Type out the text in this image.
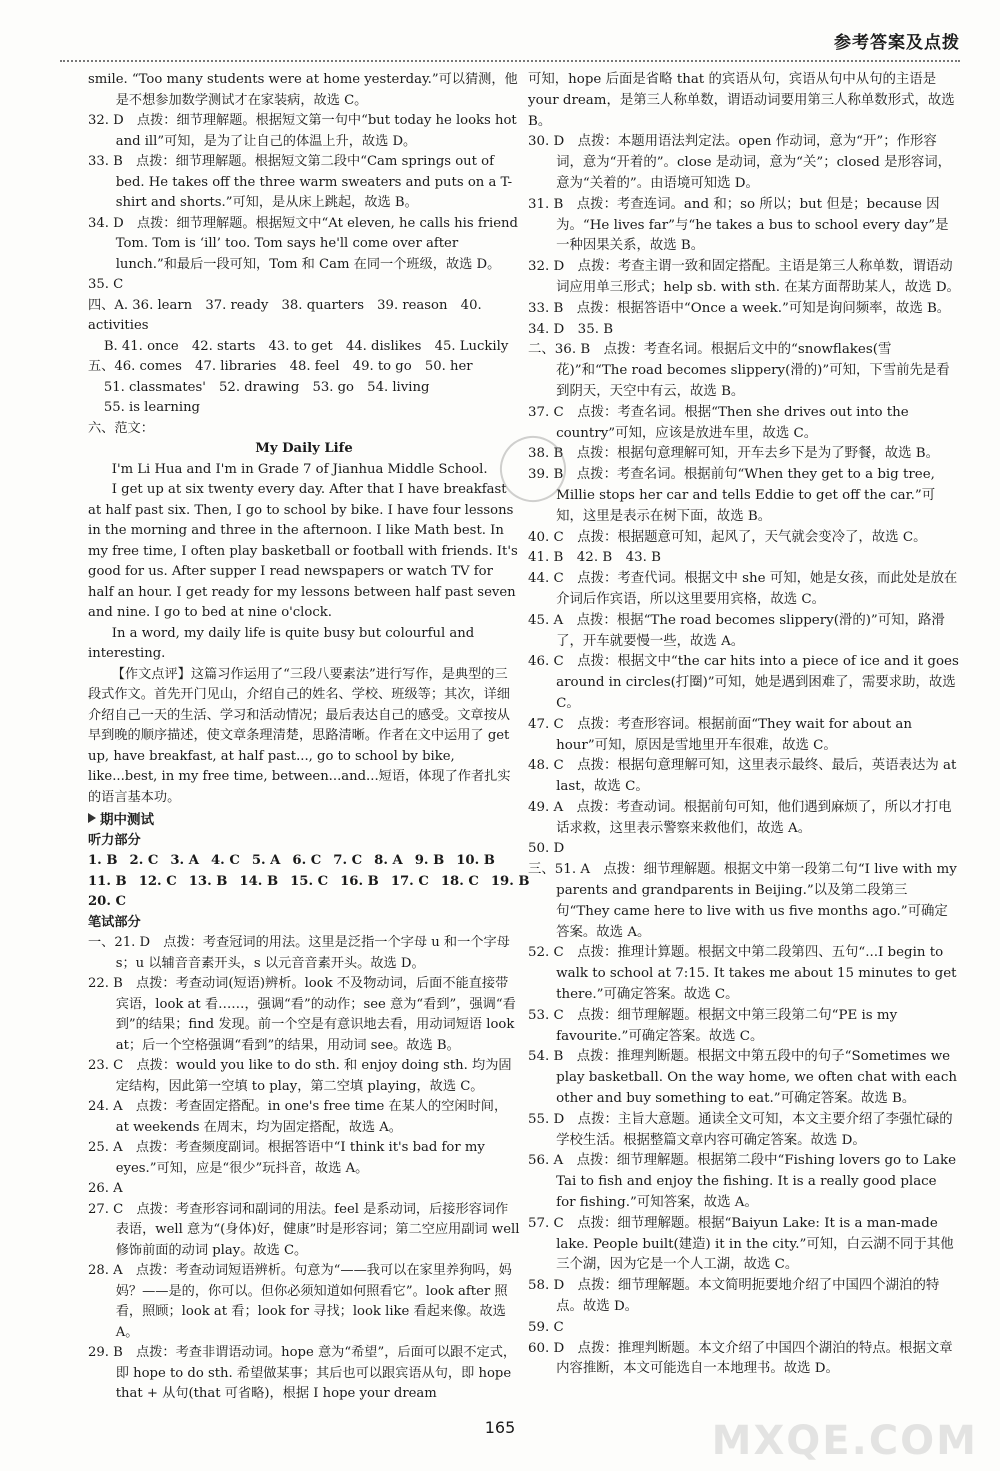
参考答案及点拨

smile. “Too many students were at home yesterday.”可以猜测，他是不想参加数学测试才在家装病，故选 C。

32. D　点拨：细节理解题。根据短文第一句中“but today he looks hot and ill”可知，是为了让自己的体温上升，故选 D。

33. B　点拨：细节理解题。根据短文第二段中“Cam springs out of bed. He takes off the three warm sweaters and puts on a T-shirt and shorts.”可知，是从床上跳起，故选 B。

34. D　点拨：细节理解题。根据短文中“At eleven, he calls his friend Tom. Tom is ‘ill’ too. Tom says he'll come over after lunch.”和最后一段可知，Tom 和 Cam 在同一个班级，故选 D。

35. C

四、A. 36. learn　37. ready　38. quarters　39. reason　40. activities

B. 41. once　42. starts　43. to get　44. dislikes　45. Luckily

五、46. comes　47. libraries　48. feel　49. to go　50. her

51. classmates'　52. drawing　53. go　54. living

55. is learning

六、范文：

My Daily Life

I'm Li Hua and I'm in Grade 7 of Jianhua Middle School.

I get up at six twenty every day. After that I have breakfast at half past six. Then, I go to school by bike. I have four lessons in the morning and three in the afternoon. I like Math best. In my free time, I often play basketball or football with friends. It's good for us. After supper I read newspapers or watch TV for half an hour. I get ready for my lessons between half past seven and nine. I go to bed at nine o'clock.

In a word, my daily life is quite busy but colourful and interesting.

【作文点评】这篇习作运用了“三段八要素法”进行写作，是典型的三段式作文。首先开门见山，介绍自己的姓名、学校、班级等；其次，详细介绍自己一天的生活、学习和活动情况；最后表达自己的感受。文章按从早到晚的顺序描述，使文章条理清楚，思路清晰。作者在文中运用了 get up, have breakfast, at half past..., go to school by bike, like...best, in my free time, between...and...短语，体现了作者扎实的语言基本功。

期中测试
听力部分
1. B 2. C 3. A 4. C 5. A 6. C 7. C 8. A 9. B 10. B
11. B 12. C 13. B 14. B 15. C 16. B 17. C 18. C 19. B
20. C
笔试部分

一、21. D　点拨：考查冠词的用法。这里是泛指一个字母 u 和一个字母 s；u 以辅音音素开头，s 以元音音素开头。故选 D。

22. B　点拨：考查动词(短语)辨析。look 不及物动词，后面不能直接带宾语，look at 看……，强调“看”的动作；see 意为“看到”，强调“看到”的结果；find 发现。前一个空是有意识地去看，用动词短语 look at；后一个空格强调“看到”的结果，用动词 see。故选 B。

23. C　点拨：would you like to do sth. 和 enjoy doing sth. 均为固定结构，因此第一空填 to play，第二空填 playing，故选 C。

24. A　点拨：考查固定搭配。in one's free time 在某人的空闲时间，at weekends 在周末，均为固定搭配，故选 A。

25. A　点拨：考查频度副词。根据答语中“I think it's bad for my eyes.”可知，应是“很少”玩抖音，故选 A。

26. A

27. C　点拨：考查形容词和副词的用法。feel 是系动词，后接形容词作表语，well 意为“(身体)好，健康”时是形容词；第二空应用副词 well 修饰前面的动词 play。故选 C。

28. A　点拨：考查动词短语辨析。句意为“——我可以在家里养狗吗，妈妈？——是的，你可以。但你必须知道如何照看它”。look after 照看，照顾；look at 看；look for 寻找；look like 看起来像。故选 A。

29. B　点拨：考查非谓语动词。hope 意为“希望”，后面可以跟不定式，即 hope to do sth. 希望做某事；其后也可以跟宾语从句，即 hope that + 从句(that 可省略)，根据 I hope your dream

可知，hope 后面是省略 that 的宾语从句，宾语从句中从句的主语是 your dream，是第三人称单数，谓语动词要用第三人称单数形式，故选 B。

30. D　点拨：本题用语法判定法。open 作动词，意为“开”；作形容词，意为“开着的”。close 是动词，意为“关”；closed 是形容词，意为“关着的”。由语境可知选 D。

31. B　点拨：考查连词。and 和；so 所以；but 但是；because 因为。“He lives far”与“he takes a bus to school every day”是一种因果关系，故选 B。

32. D　点拨：考查主谓一致和固定搭配。主语是第三人称单数，谓语动词应用单三形式；help sb. with sth. 在某方面帮助某人，故选 D。

33. B　点拨：根据答语中“Once a week.”可知是询问频率，故选 B。

34. D　35. B

二、36. B　点拨：考查名词。根据后文中的“snowflakes(雪花)”和“The road becomes slippery(滑的)”可知，下雪前先是看到阴天，天空中有云，故选 B。

37. C　点拨：考查名词。根据“Then she drives out into the country”可知，应该是放进车里，故选 C。

38. B　点拨：根据句意理解可知，开车去乡下是为了野餐，故选 B。

39. B　点拨：考查名词。根据前句“When they get to a big tree, Millie stops her car and tells Eddie to get off the car.”可知，这里是表示在树下面，故选 B。

40. C　点拨：根据题意可知，起风了，天气就会变冷了，故选 C。

41. B　42. B　43. B

44. C　点拨：考查代词。根据文中 she 可知，她是女孩，而此处是放在介词后作宾语，所以这里要用宾格，故选 C。

45. A　点拨：根据“The road becomes slippery(滑的)”可知，路滑了，开车就要慢一些，故选 A。

46. C　点拨：根据文中“the car hits into a piece of ice and it goes around in circles(打圈)”可知，她是遇到困难了，需要求助，故选 C。

47. C　点拨：考查形容词。根据前面“They wait for about an hour”可知，原因是雪地里开车很难，故选 C。

48. C　点拨：根据句意理解可知，这里表示最终、最后，英语表达为 at last，故选 C。

49. A　点拨：考查动词。根据前句可知，他们遇到麻烦了，所以才打电话求救，这里表示警察来救他们，故选 A。

50. D

三、51. A　点拨：细节理解题。根据文中第一段第二句“I live with my parents and grandparents in Beijing.”以及第二段第三句“They came here to live with us five months ago.”可确定答案。故选 A。

52. C　点拨：推理计算题。根据文中第二段第四、五句“...I begin to walk to school at 7:15. It takes me about 15 minutes to get there.”可确定答案。故选 C。

53. C　点拨：细节理解题。根据文中第三段第二句“PE is my favourite.”可确定答案。故选 C。

54. B　点拨：推理判断题。根据文中第五段中的句子“Sometimes we play basketball. On the way home, we often chat with each other and buy something to eat.”可确定答案。故选 B。

55. D　点拨：主旨大意题。通读全文可知，本文主要介绍了李强忙碌的学校生活。根据整篇文章内容可确定答案。故选 D。

56. A　点拨：细节理解题。根据第二段中“Fishing lovers go to Lake Tai to fish and enjoy the fishing. It is a really good place for fishing.”可知答案，故选 A。

57. C　点拨：细节理解题。根据“Baiyun Lake: It is a man-made lake. People built(建造) it in the city.”可知，白云湖不同于其他三个湖，因为它是一个人工湖，故选 C。

58. D　点拨：细节理解题。本文简明扼要地介绍了中国四个湖泊的特点。故选 D。

59. C

60. D　点拨：推理判断题。本文介绍了中国四个湖泊的特点。根据文章内容推断，本文可能选自一本地理书。故选 D。

165	MXQE.COM
